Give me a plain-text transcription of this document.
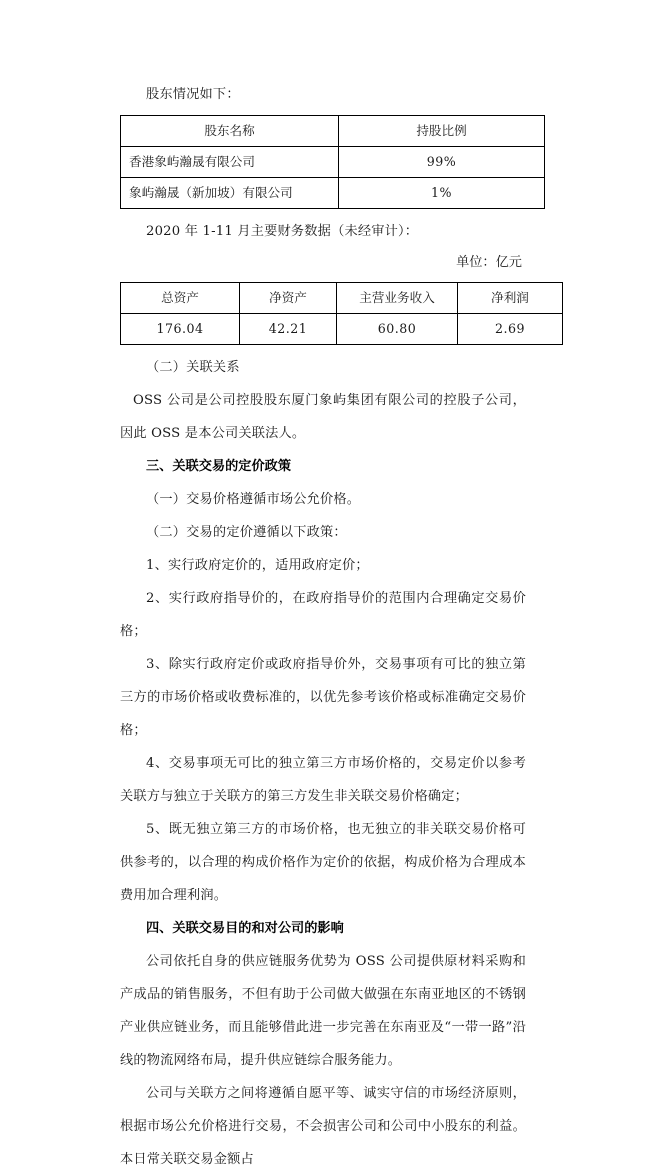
股东情况如下：

股东名称	持股比例
香港象屿瀚晟有限公司	99%
象屿瀚晟（新加坡）有限公司	1%

2020 年 1-11 月主要财务数据（未经审计）：

单位：亿元

总资产	净资产	主营业务收入	净利润
176.04	42.21	60.80	2.69

（二）关联关系

OSS 公司是公司控股股东厦门象屿集团有限公司的控股子公司，因此 OSS 是本公司关联法人。

三、关联交易的定价政策

（一）交易价格遵循市场公允价格。

（二）交易的定价遵循以下政策：

1、实行政府定价的，适用政府定价；

2、实行政府指导价的，在政府指导价的范围内合理确定交易价格；

3、除实行政府定价或政府指导价外，交易事项有可比的独立第三方的市场价格或收费标准的，以优先参考该价格或标准确定交易价格；

4、交易事项无可比的独立第三方市场价格的，交易定价以参考关联方与独立于关联方的第三方发生非关联交易价格确定；

5、既无独立第三方的市场价格，也无独立的非关联交易价格可供参考的，以合理的构成价格作为定价的依据，构成价格为合理成本费用加合理利润。

四、关联交易目的和对公司的影响

公司依托自身的供应链服务优势为 OSS 公司提供原材料采购和产成品的销售服务，不但有助于公司做大做强在东南亚地区的不锈钢产业供应链业务，而且能够借此进一步完善在东南亚及“一带一路”沿线的物流网络布局，提升供应链综合服务能力。

公司与关联方之间将遵循自愿平等、诚实守信的市场经济原则，根据市场公允价格进行交易，不会损害公司和公司中小股东的利益。本日常关联交易金额占
